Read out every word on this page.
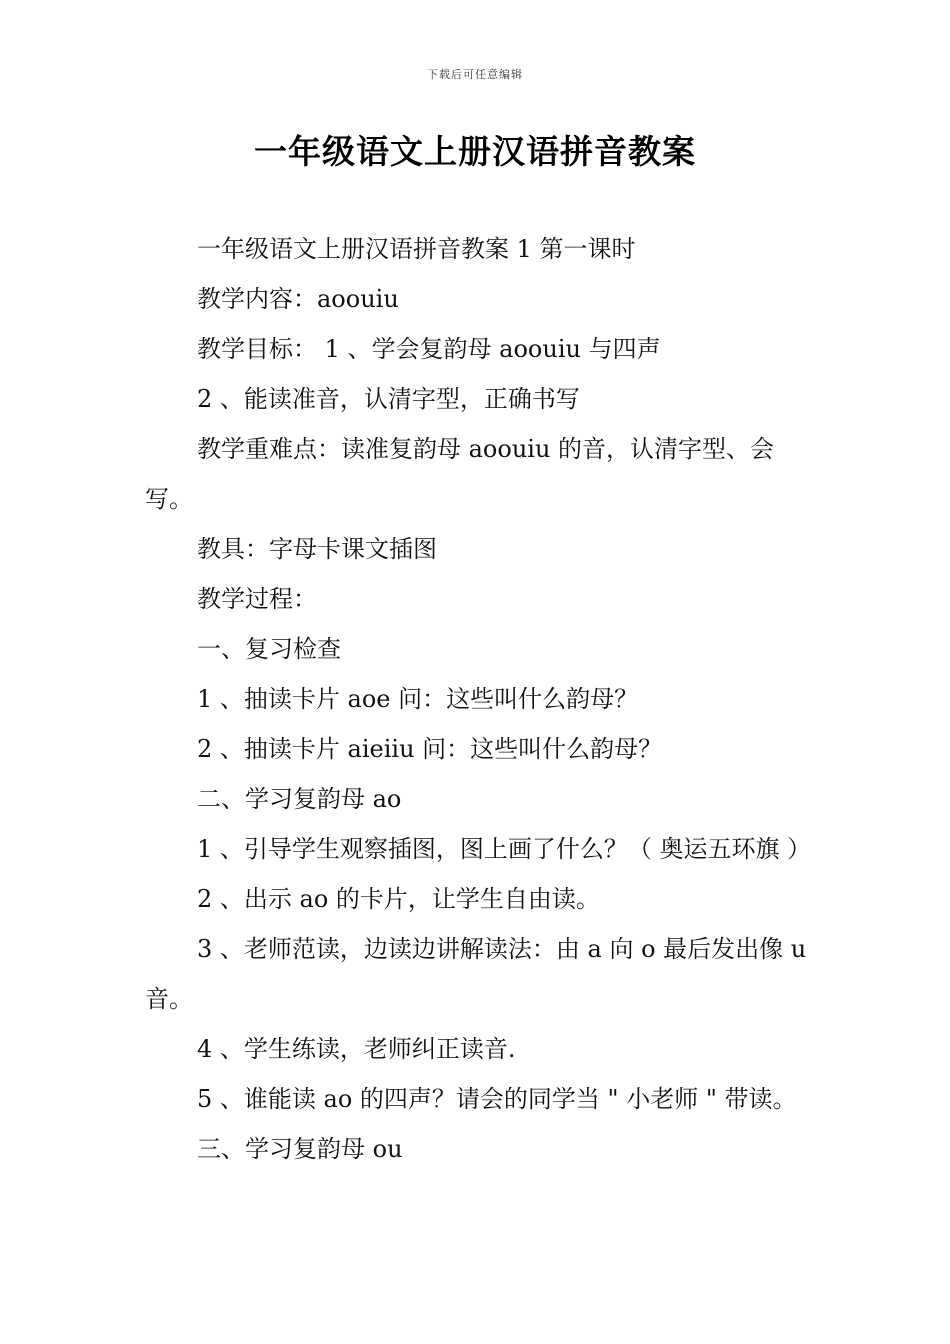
下载后可任意编辑
一年级语文上册汉语拼音教案

一年级语文上册汉语拼音教案 1 第一课时

教学内容：aoouiu

教学目标： 1 、学会复韵母 aoouiu 与四声

2 、能读准音，认清字型，正确书写

教学重难点：读准复韵母 aoouiu 的音，认清字型、会写。

教具：字母卡课文插图

教学过程：

一、复习检查

1 、抽读卡片 aoe 问：这些叫什么韵母？

2 、抽读卡片 aieiiu 问：这些叫什么韵母？

二、学习复韵母 ao

1 、引导学生观察插图，图上画了什么？（ 奥运五环旗 ）

2 、出示 ao 的卡片，让学生自由读。

3 、老师范读，边读边讲解读法：由 a 向 o 最后发出像 u 音。

4 、学生练读，老师纠正读音.

5 、谁能读 ao 的四声？请会的同学当 " 小老师 " 带读。

三、学习复韵母 ou
